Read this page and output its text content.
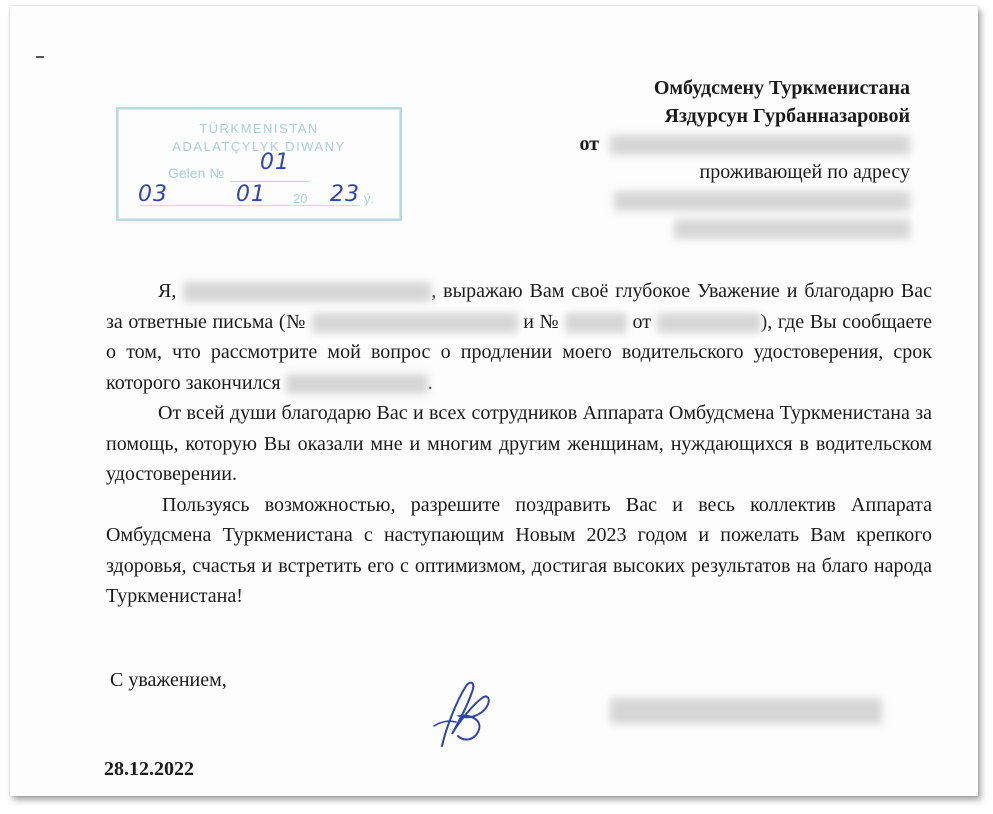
TÜRKMENISTAN
ADALATÇYLYK DIWANY
Gelen №
20	ý.
01
03	01	23
Омбудсмену Туркменистана
Яздурсун Гурбанназаровой
от
проживающей по адресу

Я,	, выражаю Вам своё глубокое Уважение и благодарю Вас за ответные письма (№	и №	от	), где Вы сообщаете о том, что рассмотрите мой вопрос о продлении моего водительского удостоверения, срок которого закончился	.

От всей души благодарю Вас и всех сотрудников Аппарата Омбудсмена Туркменистана за помощь, которую Вы оказали мне и многим другим женщинам, нуждающихся в водительском удостоверении.

Пользуясь возможностью, разрешите поздравить Вас и весь коллектив Аппарата Омбудсмена Туркменистана с наступающим Новым 2023 годом и пожелать Вам крепкого здоровья, счастья и встретить его с оптимизмом, достигая высоких результатов на благо народа Туркменистана!

С уважением,
28.12.2022
